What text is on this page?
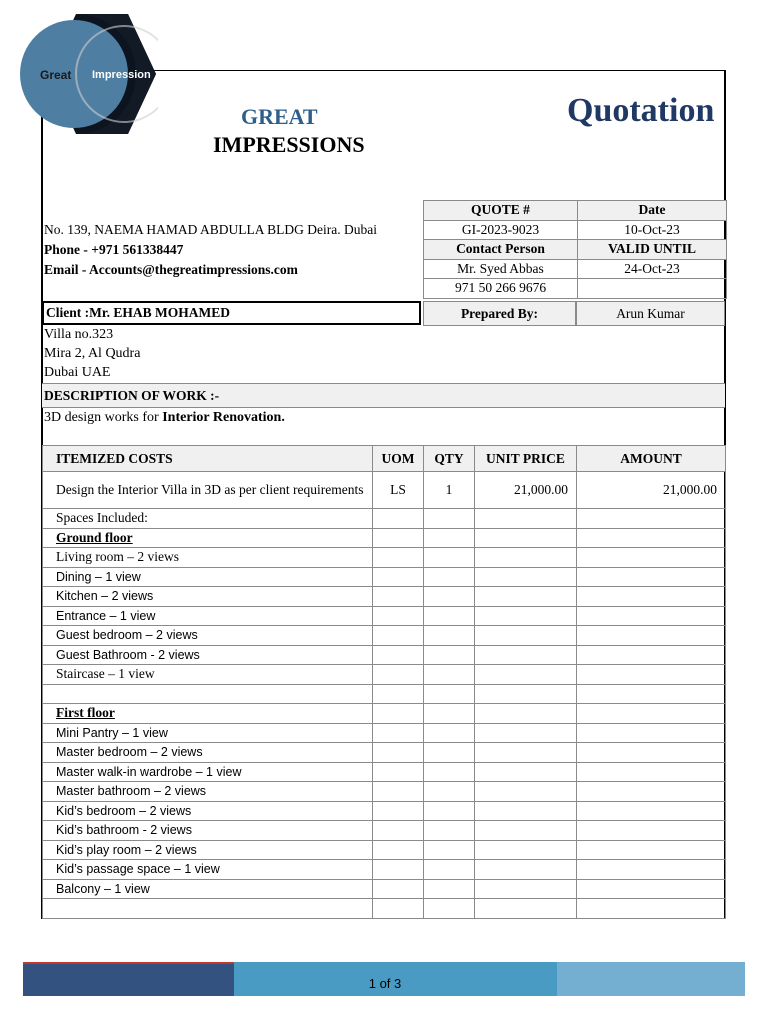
Great Impression
GREAT
IMPRESSIONS
Quotation
No. 139, NAEMA HAMAD ABDULLA BLDG Deira. Dubai
Phone - +971 561338447
Email - Accounts@thegreatimpressions.com
QUOTE #	Date
GI-2023-9023	10-Oct-23
Contact Person	VALID UNTIL
Mr. Syed Abbas	24-Oct-23
971 50 266 9676	
Client :Mr. EHAB MOHAMED	Prepared By:	Arun Kumar
Villa no.323
Mira 2, Al Qudra
Dubai UAE
DESCRIPTION OF WORK :-
3D design works for Interior Renovation.
ITEMIZED COSTS	UOM	QTY	UNIT PRICE	AMOUNT
Design the Interior Villa in 3D as per client requirements	LS	1	21,000.00	21,000.00
Spaces Included:				
Ground floor				
Living room – 2 views				
Dining – 1 view				
Kitchen – 2 views				
Entrance – 1 view				
Guest bedroom – 2 views				
Guest Bathroom - 2 views				
Staircase – 1 view				

First floor				
Mini Pantry – 1 view				
Master bedroom – 2 views				
Master walk-in wardrobe – 1 view				
Master bathroom – 2 views				
Kid’s bedroom – 2 views				
Kid’s bathroom - 2 views				
Kid’s play room – 2 views				
Kid’s passage space – 1 view				
Balcony – 1 view				

1 of 3
